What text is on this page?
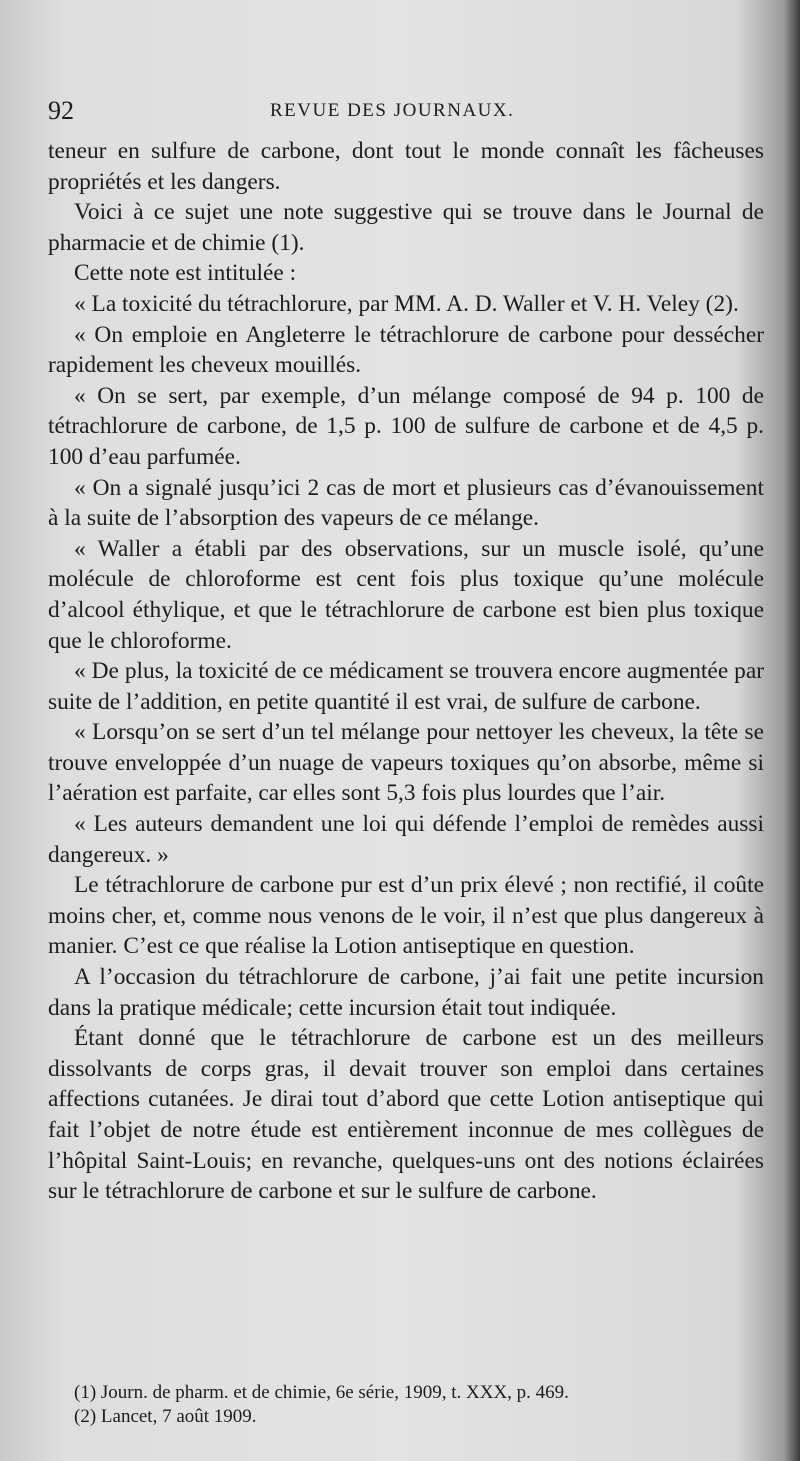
92	REVUE DES JOURNAUX.

teneur en sulfure de carbone, dont tout le monde connaît les fâcheuses propriétés et les dangers.

Voici à ce sujet une note suggestive qui se trouve dans le Journal de pharmacie et de chimie (1).

Cette note est intitulée :

« La toxicité du tétrachlorure, par MM. A. D. Waller et V. H. Veley (2).

« On emploie en Angleterre le tétrachlorure de carbone pour dessécher rapidement les cheveux mouillés.

« On se sert, par exemple, d’un mélange composé de 94 p. 100 de tétrachlorure de carbone, de 1,5 p. 100 de sulfure de carbone et de 4,5 p. 100 d’eau parfumée.

« On a signalé jusqu’ici 2 cas de mort et plusieurs cas d’évanouissement à la suite de l’absorption des vapeurs de ce mélange.

« Waller a établi par des observations, sur un muscle isolé, qu’une molécule de chloroforme est cent fois plus toxique qu’une molécule d’alcool éthylique, et que le tétrachlorure de carbone est bien plus toxique que le chloroforme.

« De plus, la toxicité de ce médicament se trouvera encore augmentée par suite de l’addition, en petite quantité il est vrai, de sulfure de carbone.

« Lorsqu’on se sert d’un tel mélange pour nettoyer les cheveux, la tête se trouve enveloppée d’un nuage de vapeurs toxiques qu’on absorbe, même si l’aération est parfaite, car elles sont 5,3 fois plus lourdes que l’air.

« Les auteurs demandent une loi qui défende l’emploi de remèdes aussi dangereux. »

Le tétrachlorure de carbone pur est d’un prix élevé ; non rectifié, il coûte moins cher, et, comme nous venons de le voir, il n’est que plus dangereux à manier. C’est ce que réalise la Lotion antiseptique en question.

A l’occasion du tétrachlorure de carbone, j’ai fait une petite incursion dans la pratique médicale; cette incursion était tout indiquée.

Étant donné que le tétrachlorure de carbone est un des meilleurs dissolvants de corps gras, il devait trouver son emploi dans certaines affections cutanées. Je dirai tout d’abord que cette Lotion antiseptique qui fait l’objet de notre étude est entièrement inconnue de mes collègues de l’hôpital Saint-Louis; en revanche, quelques-uns ont des notions éclairées sur le tétrachlorure de carbone et sur le sulfure de carbone.

(1) Journ. de pharm. et de chimie, 6e série, 1909, t. XXX, p. 469.

(2) Lancet, 7 août 1909.
